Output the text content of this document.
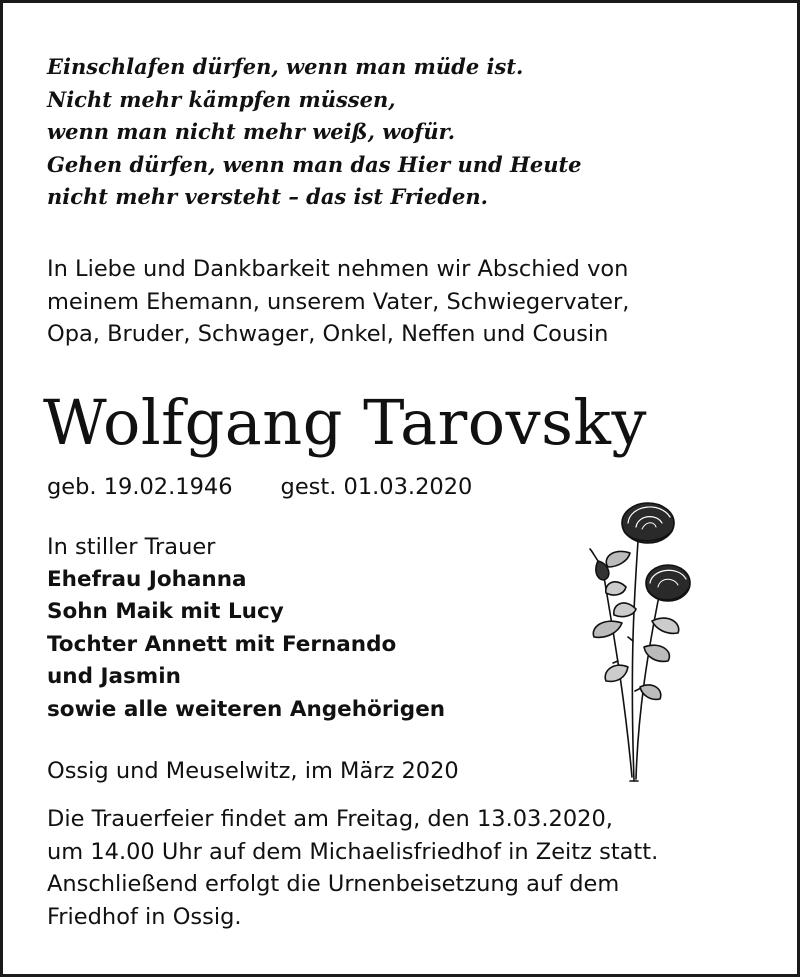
Einschlafen dürfen, wenn man müde ist.
Nicht mehr kämpfen müssen,
wenn man nicht mehr weiß, wofür.
Gehen dürfen, wenn man das Hier und Heute
nicht mehr versteht – das ist Frieden.
In Liebe und Dankbarkeit nehmen wir Abschied von
meinem Ehemann, unserem Vater, Schwiegervater,
Opa, Bruder, Schwager, Onkel, Neffen und Cousin
Wolfgang Tarovsky
geb. 19.02.1946 gest. 01.03.2020
In stiller Trauer
Ehefrau Johanna
Sohn Maik mit Lucy
Tochter Annett mit Fernando
und Jasmin
sowie alle weiteren Angehörigen
Ossig und Meuselwitz, im März 2020
Die Trauerfeier findet am Freitag, den 13.03.2020,
um 14.00 Uhr auf dem Michaelisfriedhof in Zeitz statt.
Anschließend erfolgt die Urnenbeisetzung auf dem
Friedhof in Ossig.
